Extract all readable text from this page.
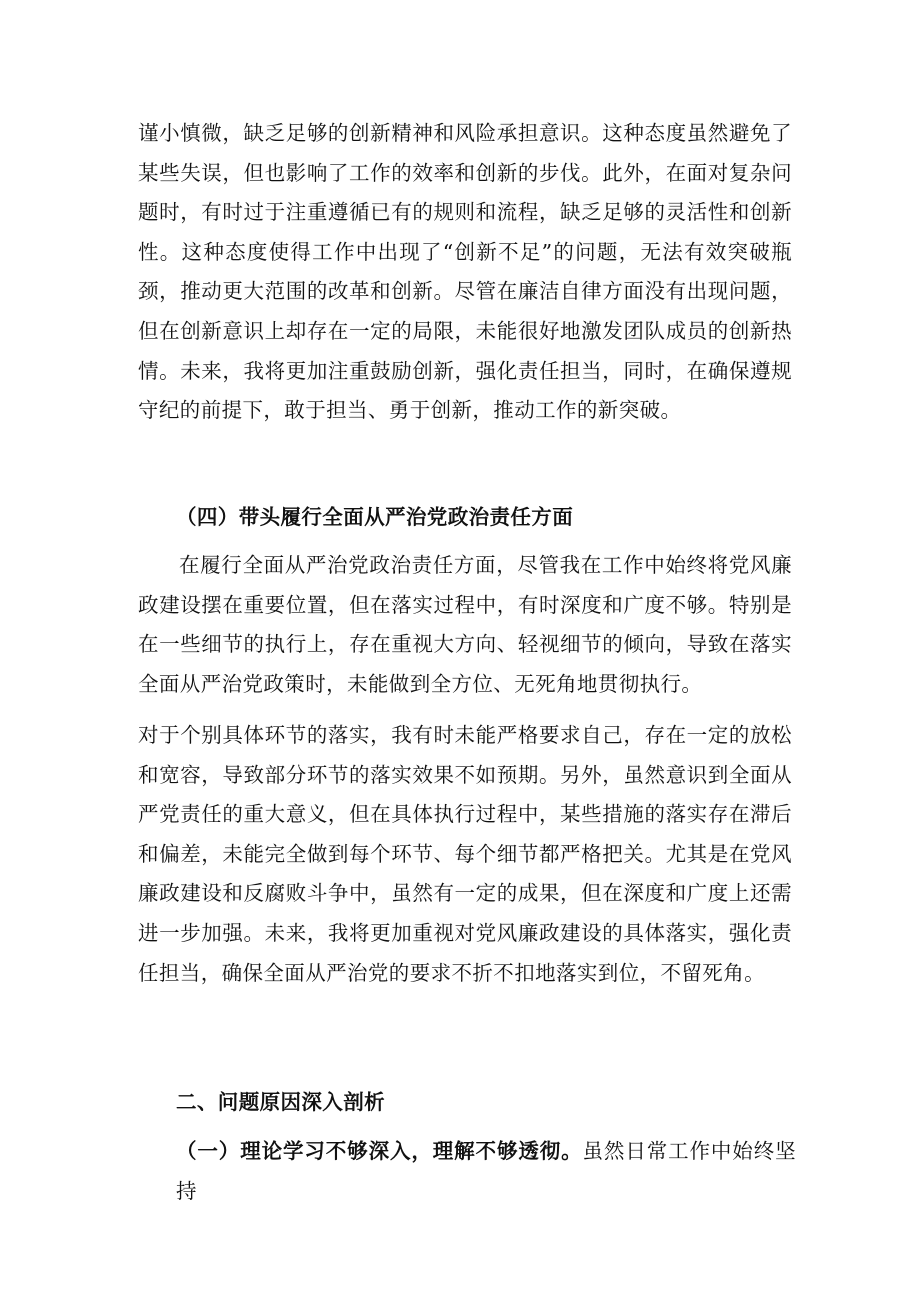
谨小慎微，缺乏足够的创新精神和风险承担意识。这种态度虽然避免了某些失误，但也影响了工作的效率和创新的步伐。此外，在面对复杂问题时，有时过于注重遵循已有的规则和流程，缺乏足够的灵活性和创新性。这种态度使得工作中出现了“创新不足”的问题，无法有效突破瓶颈，推动更大范围的改革和创新。尽管在廉洁自律方面没有出现问题，但在创新意识上却存在一定的局限，未能很好地激发团队成员的创新热情。未来，我将更加注重鼓励创新，强化责任担当，同时，在确保遵规守纪的前提下，敢于担当、勇于创新，推动工作的新突破。
（四）带头履行全面从严治党政治责任方面
在履行全面从严治党政治责任方面，尽管我在工作中始终将党风廉政建设摆在重要位置，但在落实过程中，有时深度和广度不够。特别是在一些细节的执行上，存在重视大方向、轻视细节的倾向，导致在落实全面从严治党政策时，未能做到全方位、无死角地贯彻执行。
对于个别具体环节的落实，我有时未能严格要求自己，存在一定的放松和宽容，导致部分环节的落实效果不如预期。另外，虽然意识到全面从严党责任的重大意义，但在具体执行过程中，某些措施的落实存在滞后和偏差，未能完全做到每个环节、每个细节都严格把关。尤其是在党风廉政建设和反腐败斗争中，虽然有一定的成果，但在深度和广度上还需进一步加强。未来，我将更加重视对党风廉政建设的具体落实，强化责任担当，确保全面从严治党的要求不折不扣地落实到位，不留死角。
二、问题原因深入剖析
（一）理论学习不够深入，理解不够透彻。虽然日常工作中始终坚持
